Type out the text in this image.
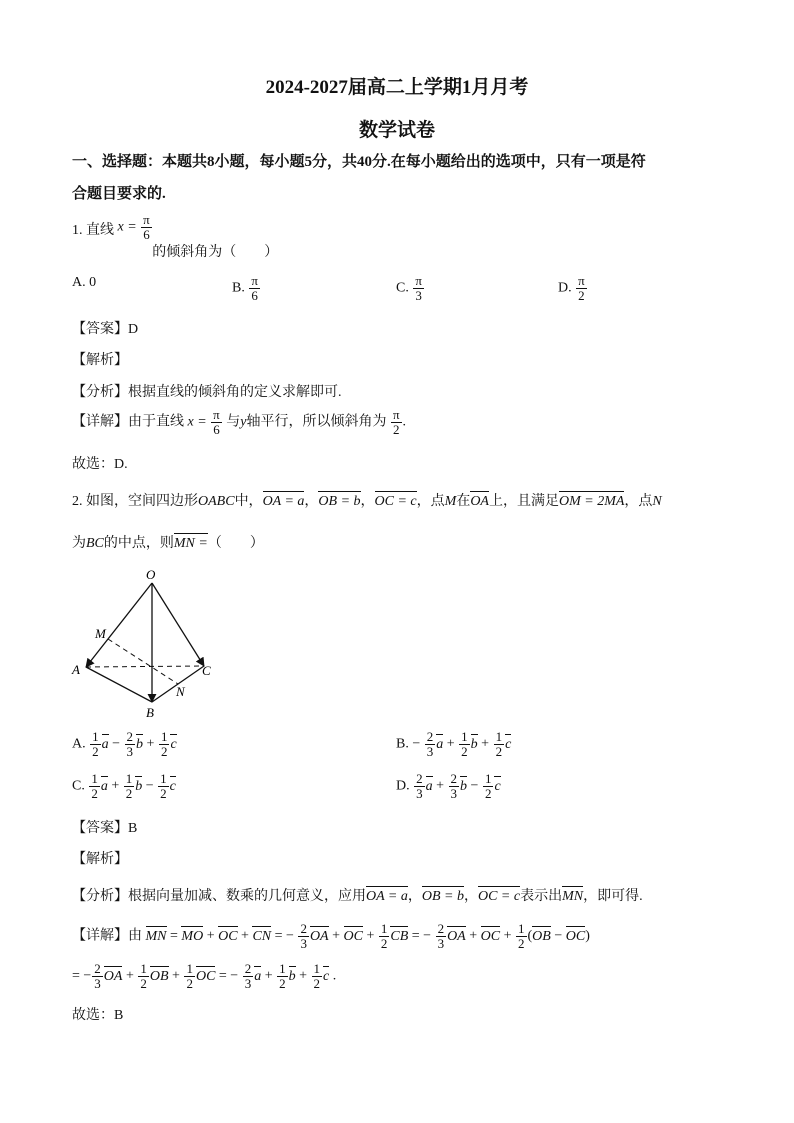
2024-2027届高二上学期1月月考
数学试卷
一、选择题：本题共8小题，每小题5分，共40分.在每小题给出的选项中，只有一项是符
合题目要求的.
1. 直线 $x = \frac{\pi}{6}$
的倾斜角为（　　）
A. 0	B. $\frac{\pi}{6}$	C. $\frac{\pi}{3}$	D. $\frac{\pi}{2}$
【答案】D
【解析】
【分析】根据直线的倾斜角的定义求解即可.
【详解】由于直线 $x = \frac{\pi}{6}$ 与y轴平行，所以倾斜角为 $\frac{\pi}{2}$ .
故选：D.
2. 如图，空间四边形OABC中，OA = a，OB = b，OC = c，点M在OA上，且满足OM = 2MA，点N
为BC的中点，则MN =（　　）
O
A
B
C
M
N
A. $\frac{1}{2}$ $a - \frac{2}{3}$ $b + \frac{1}{2}$ c	B. − $\frac{2}{3}$ $a + \frac{1}{2}$ $b + \frac{1}{2}$ c
C. $\frac{1}{2}$ $a + \frac{1}{2}$ $b - \frac{1}{2}$ c	D. $\frac{2}{3}$ $a + \frac{2}{3}$ $b - \frac{1}{2}$ c
【答案】B
【解析】
【分析】根据向量加减、数乘的几何意义，应用OA = a，OB = b，OC = c表示出MN，即可得.
【详解】由 MN = MO + OC + CN = − $\frac{2}{3}$ OA + OC + $\frac{1}{2}$ CB = − $\frac{2}{3}$ OA + OC + $\frac{1}{2} (OB - OC)$
= − $\frac{2}{3}$ OA + $\frac{1}{2}$ OB + $\frac{1}{2}$ OC = − $\frac{2}{3}$ $a + \frac{1}{2}$ $b + \frac{1}{2}$ c .
故选：B
